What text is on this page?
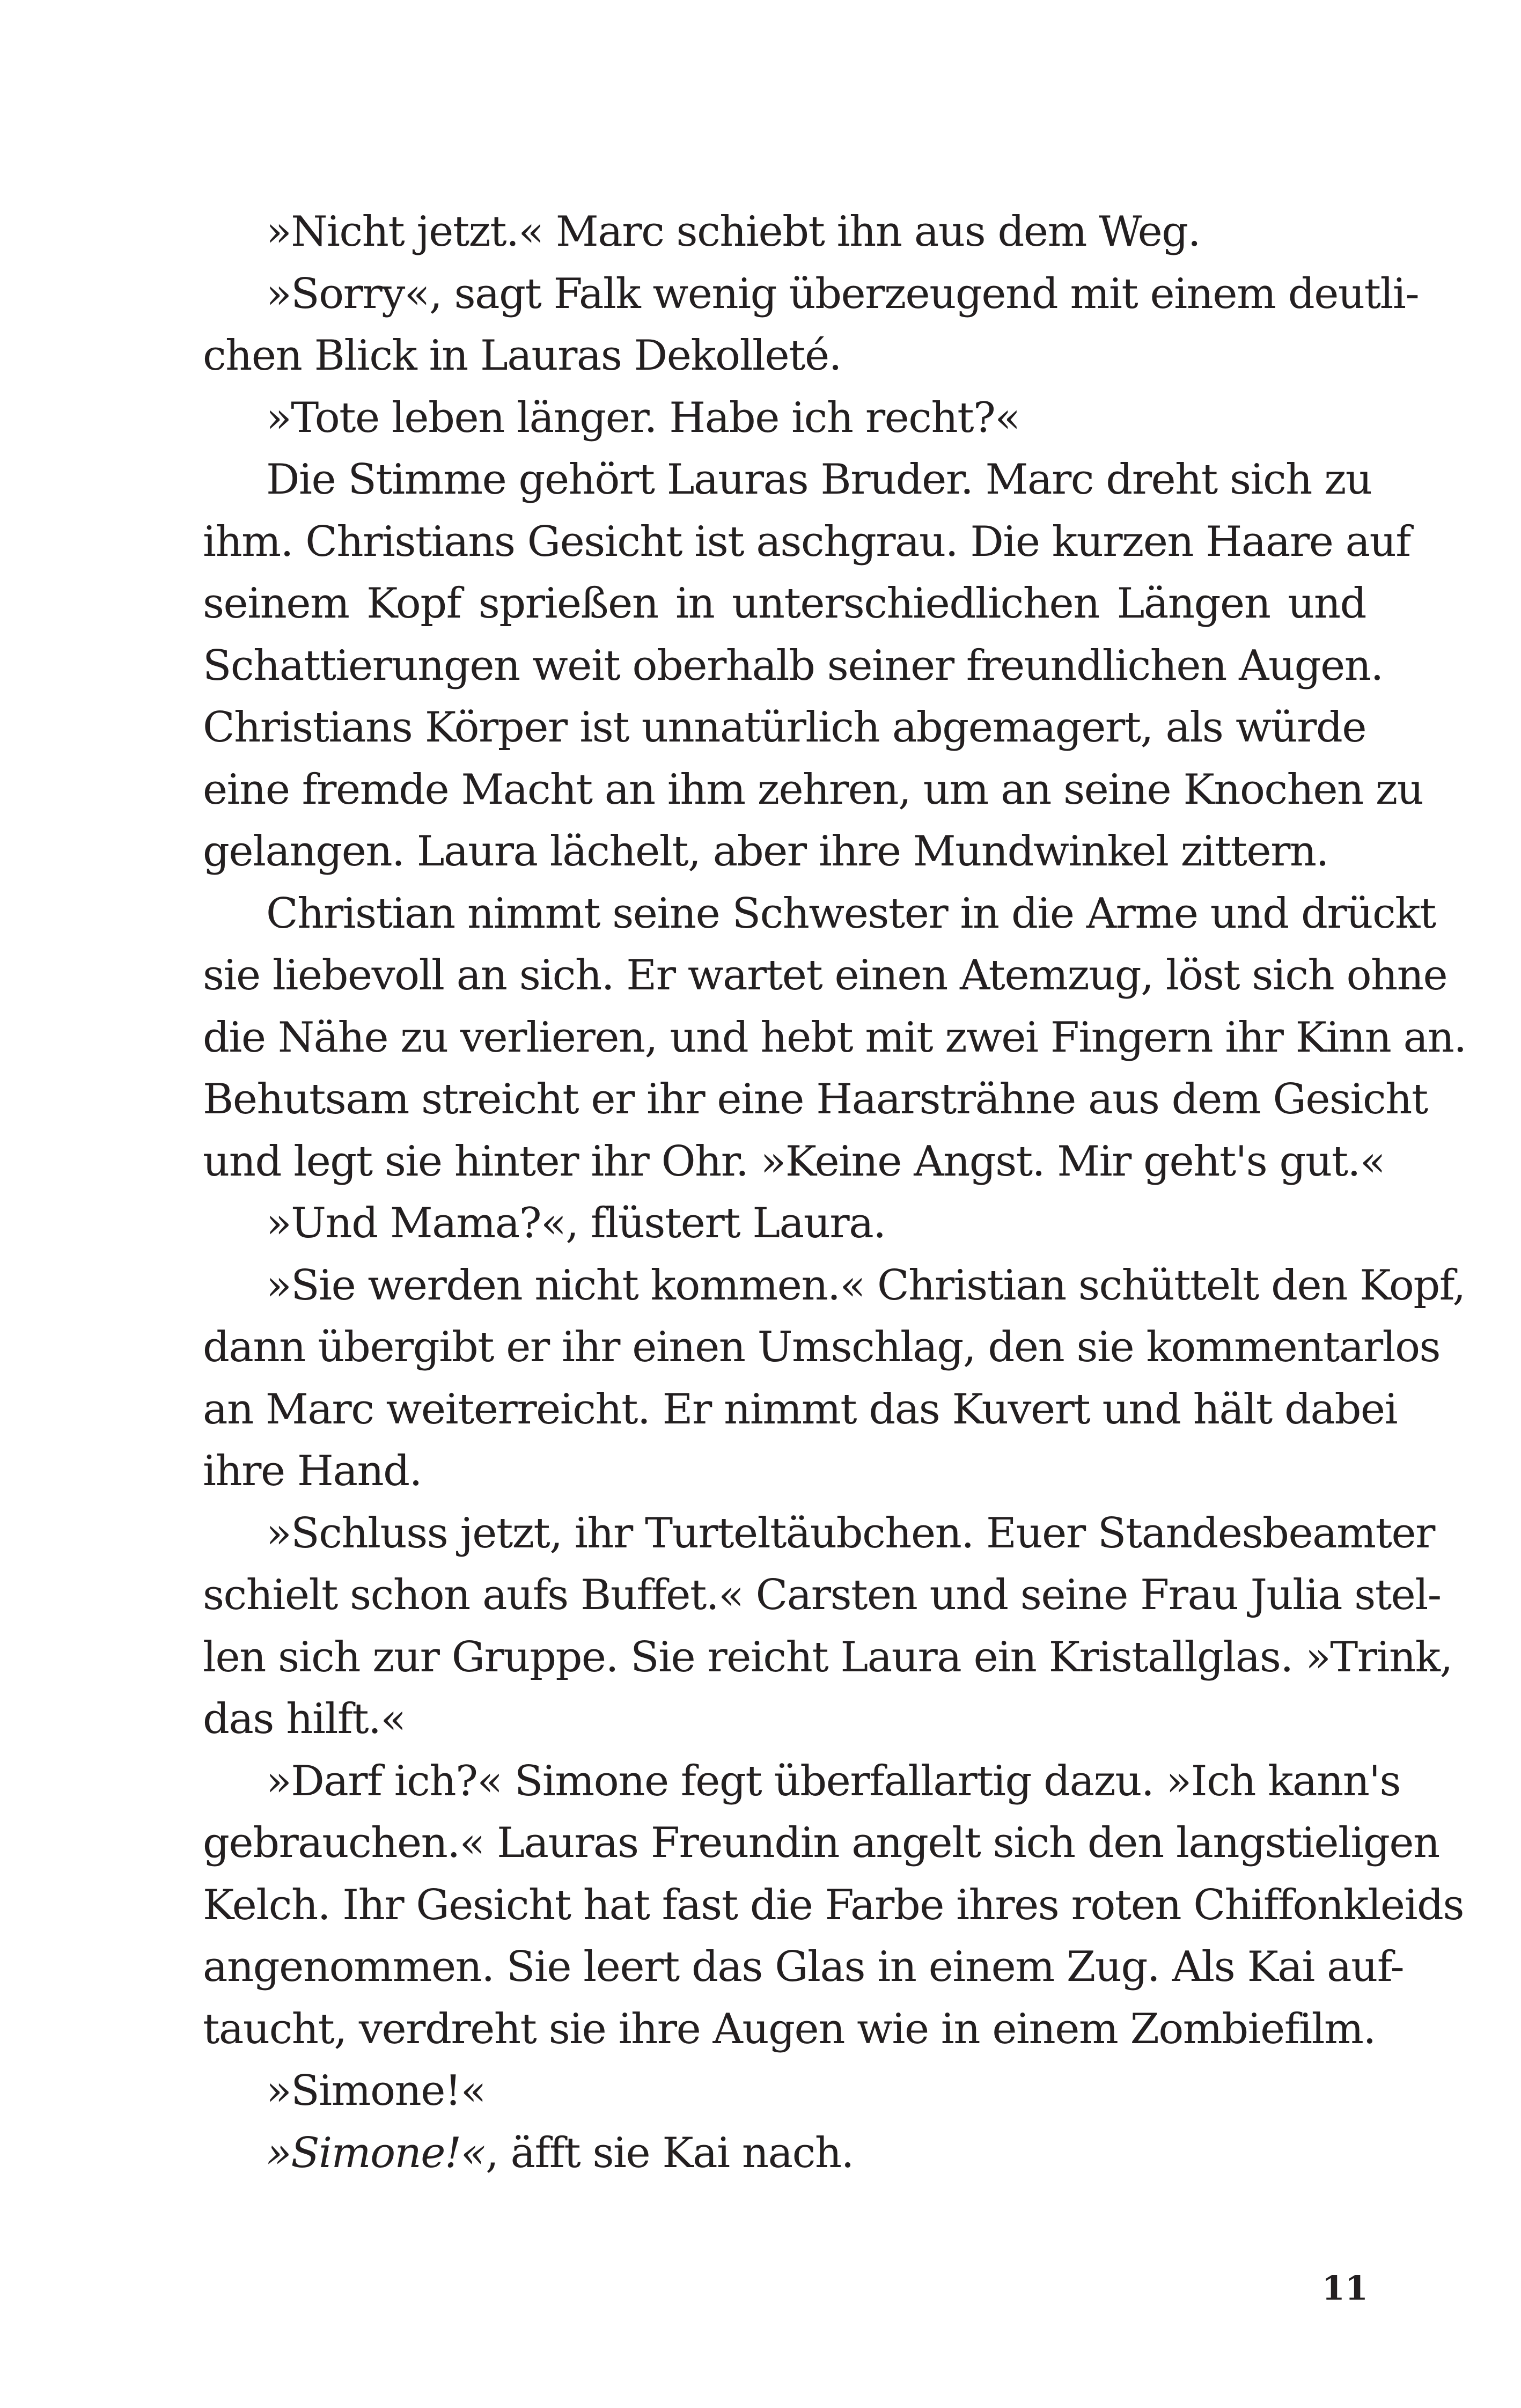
»Nicht jetzt.« Marc schiebt ihn aus dem Weg.
»Sorry«, sagt Falk wenig überzeugend mit einem deutli-
chen Blick in Lauras Dekolleté.
»Tote leben länger. Habe ich recht?«
Die Stimme gehört Lauras Bruder. Marc dreht sich zu
ihm. Christians Gesicht ist aschgrau. Die kurzen Haare auf
seinem Kopf sprießen in unterschiedlichen Längen und
Schattierungen weit oberhalb seiner freundlichen Augen.
Christians Körper ist unnatürlich abgemagert, als würde
eine fremde Macht an ihm zehren, um an seine Knochen zu
gelangen. Laura lächelt, aber ihre Mundwinkel zittern.
Christian nimmt seine Schwester in die Arme und drückt
sie liebevoll an sich. Er wartet einen Atemzug, löst sich ohne
die Nähe zu verlieren, und hebt mit zwei Fingern ihr Kinn an.
Behutsam streicht er ihr eine Haarsträhne aus dem Gesicht
und legt sie hinter ihr Ohr. »Keine Angst. Mir geht's gut.«
»Und Mama?«, flüstert Laura.
»Sie werden nicht kommen.« Christian schüttelt den Kopf,
dann übergibt er ihr einen Umschlag, den sie kommentarlos
an Marc weiterreicht. Er nimmt das Kuvert und hält dabei
ihre Hand.
»Schluss jetzt, ihr Turteltäubchen. Euer Standesbeamter
schielt schon aufs Buffet.« Carsten und seine Frau Julia stel-
len sich zur Gruppe. Sie reicht Laura ein Kristallglas. »Trink,
das hilft.«
»Darf ich?« Simone fegt überfallartig dazu. »Ich kann's
gebrauchen.« Lauras Freundin angelt sich den langstieligen
Kelch. Ihr Gesicht hat fast die Farbe ihres roten Chiffonkleids
angenommen. Sie leert das Glas in einem Zug. Als Kai auf-
taucht, verdreht sie ihre Augen wie in einem Zombiefilm.
»Simone!«
»Simone!«, äfft sie Kai nach.
11
